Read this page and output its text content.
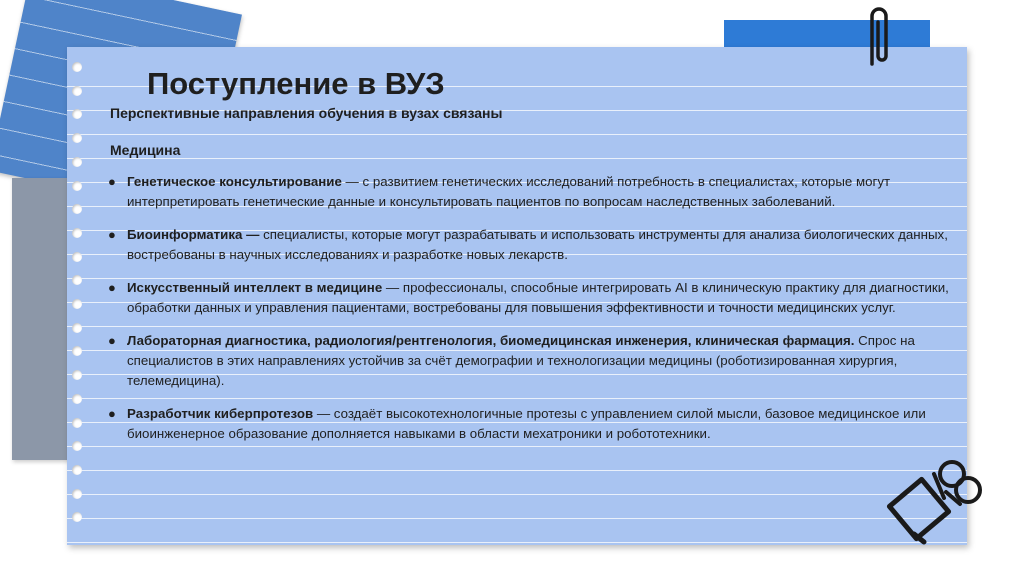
Поступление в ВУЗ
Перспективные направления обучения в вузах связаны
Медицина
● Генетическое консультирование — с развитием генетических исследований потребность в специалистах, которые могут интерпретировать генетические данные и консультировать пациентов по вопросам наследственных заболеваний.
● Биоинформатика — специалисты, которые могут разрабатывать и использовать инструменты для анализа биологических данных, востребованы в научных исследованиях и разработке новых лекарств.
● Искусственный интеллект в медицине — профессионалы, способные интегрировать AI в клиническую практику для диагностики, обработки данных и управления пациентами, востребованы для повышения эффективности и точности медицинских услуг.
● Лабораторная диагностика, радиология/рентгенология, биомедицинская инженерия, клиническая фармация. Спрос на специалистов в этих направлениях устойчив за счёт демографии и технологизации медицины (роботизированная хирургия, телемедицина).
● Разработчик киберпротезов — создаёт высокотехнологичные протезы с управлением силой мысли, базовое медицинское или биоинженерное образование дополняется навыками в области мехатроники и робототехники.
